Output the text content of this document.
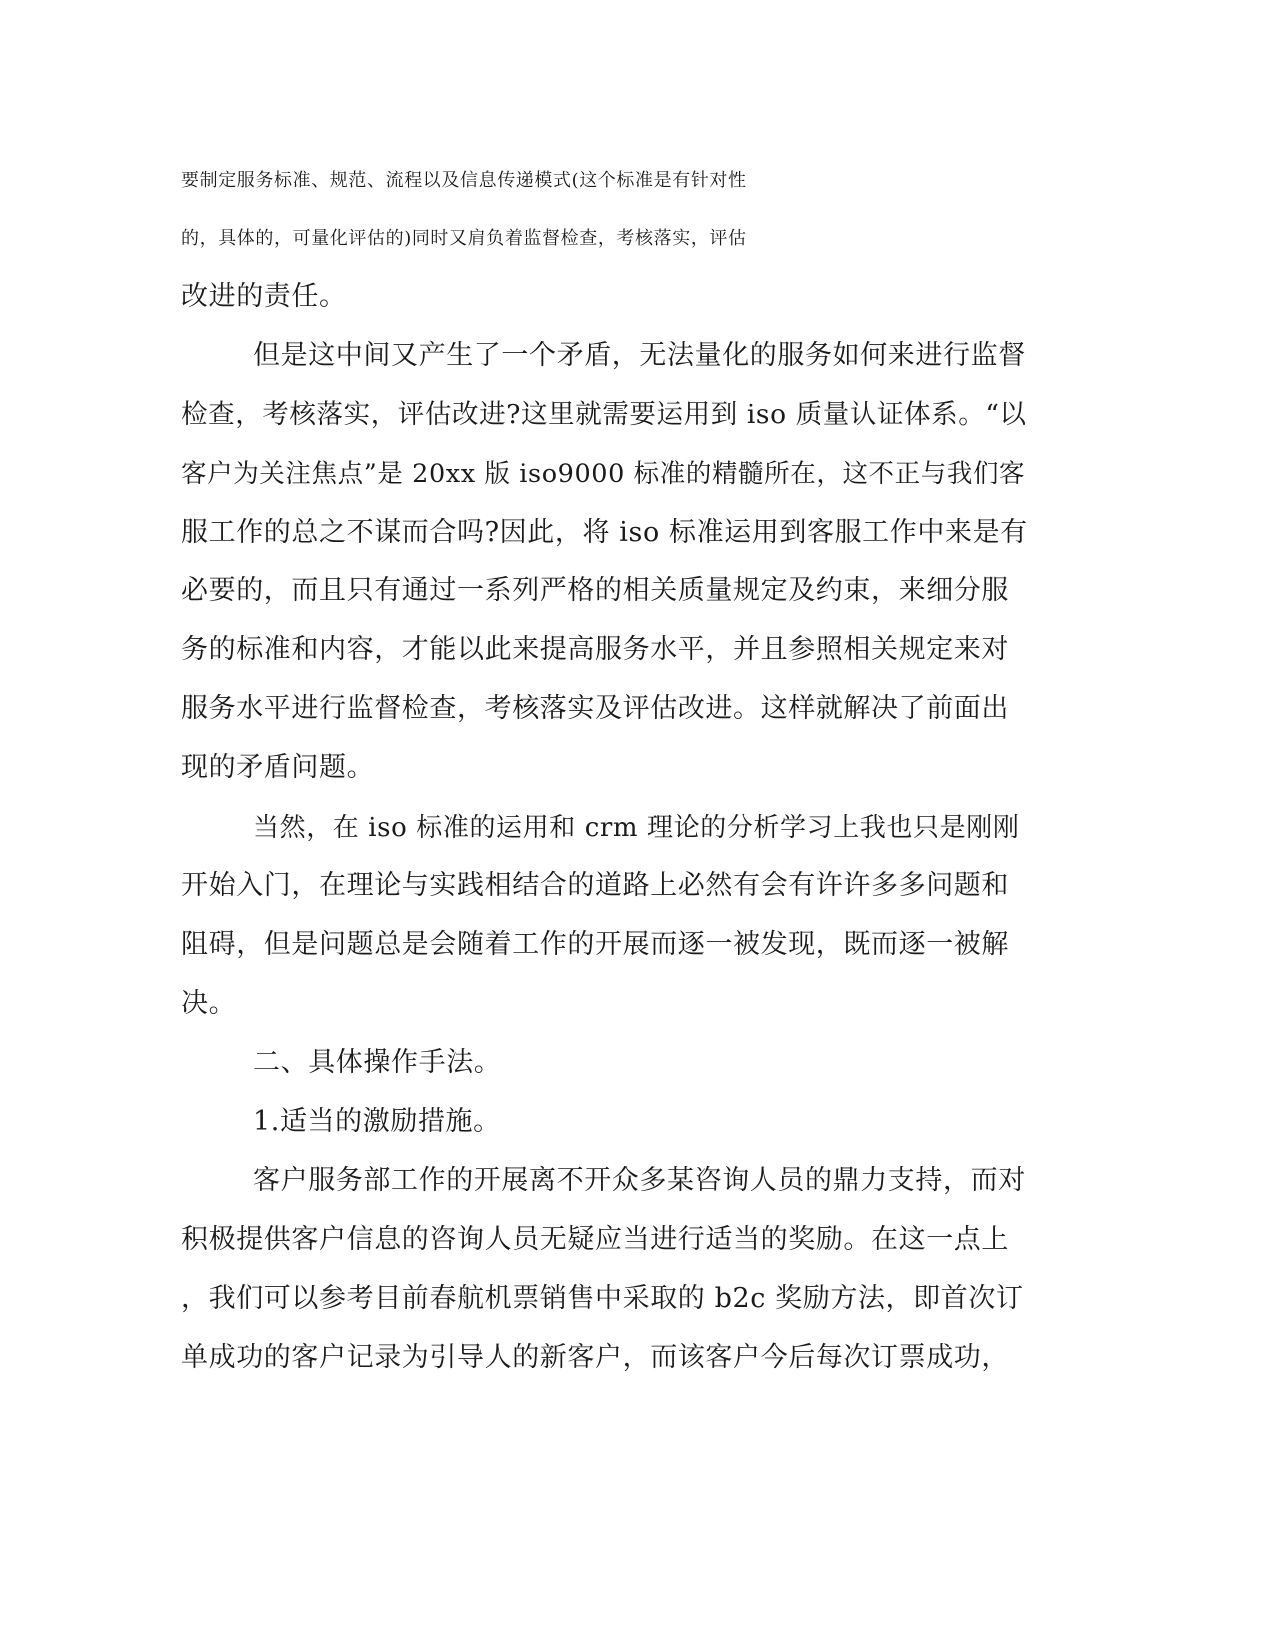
要制定服务标准、规范、流程以及信息传递模式(这个标准是有针对性
的，具体的，可量化评估的)同时又肩负着监督检查，考核落实，评估
改进的责任。
但是这中间又产生了一个矛盾，无法量化的服务如何来进行监督
检查，考核落实，评估改进?这里就需要运用到 iso 质量认证体系。“以
客户为关注焦点”是 20xx 版 iso9000 标准的精髓所在，这不正与我们客
服工作的总之不谋而合吗?因此，将 iso 标准运用到客服工作中来是有
必要的，而且只有通过一系列严格的相关质量规定及约束，来细分服
务的标准和内容，才能以此来提高服务水平，并且参照相关规定来对
服务水平进行监督检查，考核落实及评估改进。这样就解决了前面出
现的矛盾问题。
当然，在 iso 标准的运用和 crm 理论的分析学习上我也只是刚刚
开始入门，在理论与实践相结合的道路上必然有会有许许多多问题和
阻碍，但是问题总是会随着工作的开展而逐一被发现，既而逐一被解
决。
二、具体操作手法。
1.适当的激励措施。
客户服务部工作的开展离不开众多某咨询人员的鼎力支持，而对
积极提供客户信息的咨询人员无疑应当进行适当的奖励。在这一点上
，我们可以参考目前春航机票销售中采取的 b2c 奖励方法，即首次订
单成功的客户记录为引导人的新客户，而该客户今后每次订票成功，
